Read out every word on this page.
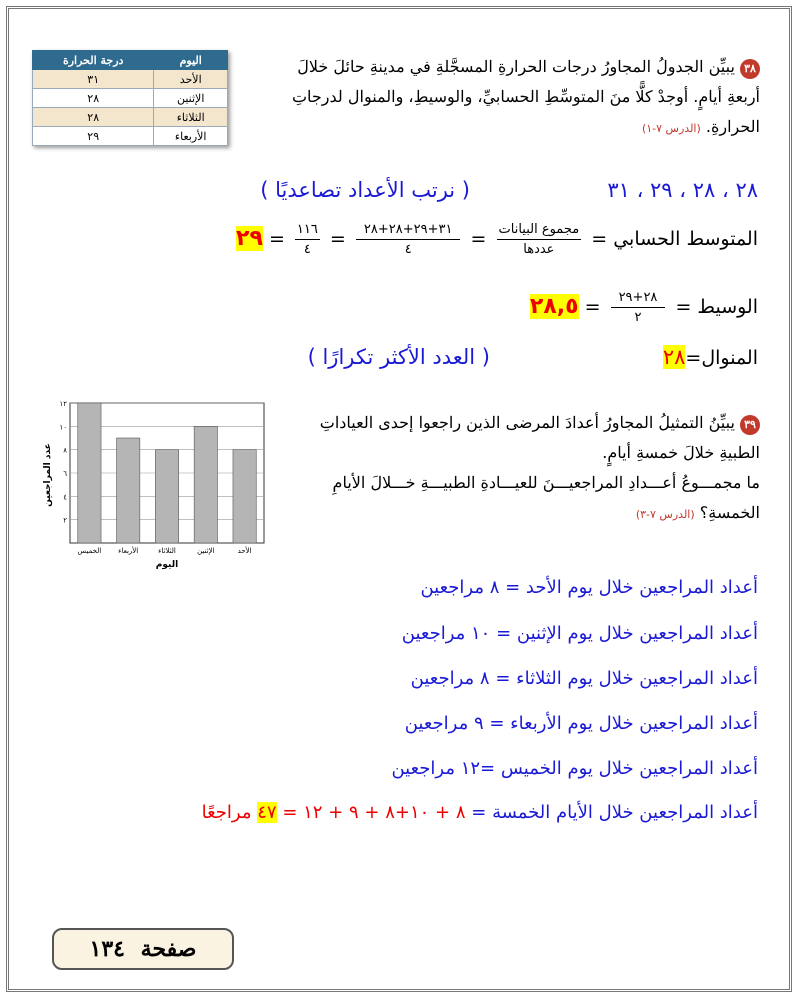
٣٨ يبيِّن الجدولُ المجاورُ درجات الحرارةِ المسجَّلةِ في مدينةِ حائلَ خلالَ
أربعةِ أيامٍ. أوجدْ كلًّا منَ المتوسِّطِ الحسابيِّ، والوسيطِ، والمنوال لدرجاتِ
الحرارةِ. (الدرس ٧-١)
اليوم	درجة الحرارة
الأحد	٣١
الإثنين	٢٨
الثلاثاء	٢٨
الأربعاء	٢٩
٢٨ ، ٢٨ ، ٢٩ ، ٣١
( نرتب الأعداد تصاعديًا )
المتوسط الحسابي =
$\frac{\text{مجموع البيانات}}{\text{عددها}}$
=
$\frac{٣١+٢٩+٢٨+٢٨}{٤}$
=
$\frac{١١٦}{٤}$
= ٢٩
الوسيط =
$\frac{٢٨+٢٩}{٢}$
= ٢٨,٥
المنوال=٢٨
( العدد الأكثر تكرارًا )
٣٩ يبيِّنُ التمثيلُ المجاورُ أعدادَ المرضى الذين راجعوا إحدى العياداتِ
الطبيةِ خلالَ خمسةِ أيامٍ.
ما مجمـــوعُ أعـــدادِ المراجعيـــنَ للعيـــادةِ الطبيـــةِ خـــلالَ الأيامِ
الخمسةِ؟ (الدرس ٧-٣)
عدد المراجعين
اليوم
٢
٤
٦
٨
١٠
١٢
الخميس الأربعاء	الثلاثاء	الإثنين	الأحد
أعداد المراجعين خلال يوم الأحد = ٨ مراجعين
أعداد المراجعين خلال يوم الإثنين = ١٠ مراجعين
أعداد المراجعين خلال يوم الثلاثاء = ٨ مراجعين
أعداد المراجعين خلال يوم الأربعاء = ٩ مراجعين
أعداد المراجعين خلال يوم الخميس =١٢ مراجعين
أعداد المراجعين خلال الأيام الخمسة = ٨ + ١٠+٨ + ٩ + ١٢ = ٤٧ مراجعًا
صفحة ١٣٤
